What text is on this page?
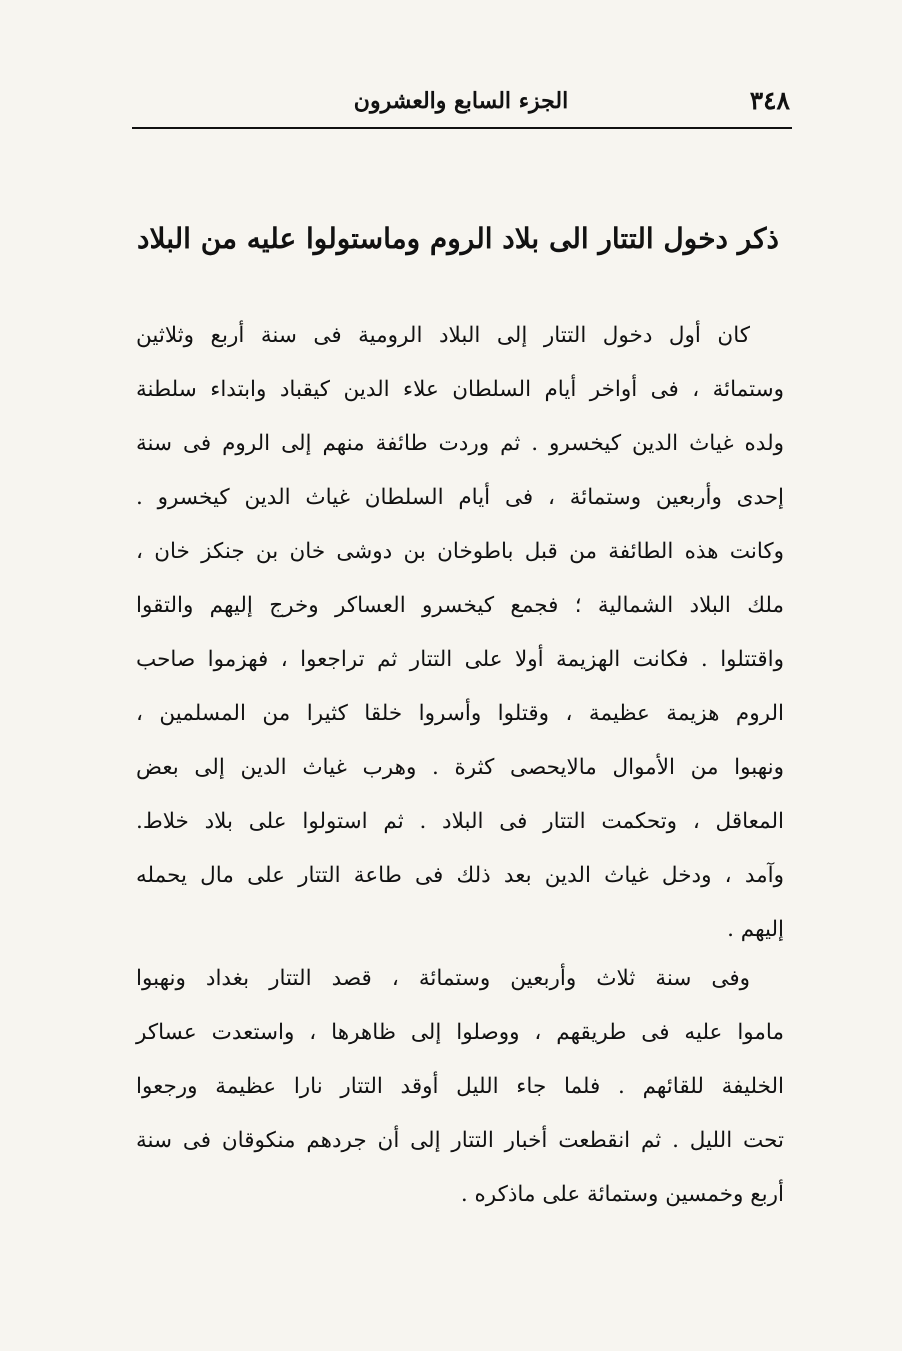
٣٤٨
الجزء السابع والعشرون
ذكر دخول التتار الى بلاد الروم وماستولوا عليه من البلاد
كان أول دخول التتار إلى البلاد الرومية فى سنة أربع وثلاثين
وستمائة ، فى أواخر أيام السلطان علاء الدين كيقباد وابتداء سلطنة
ولده غياث الدين كيخسرو . ثم وردت طائفة منهم إلى الروم فى سنة
إحدى وأربعين وستمائة ، فى أيام السلطان غياث الدين كيخسرو .
وكانت هذه الطائفة من قبل باطوخان بن دوشى خان بن جنكز خان ،
ملك البلاد الشمالية ؛ فجمع كيخسرو العساكر وخرج إليهم والتقوا
واقتتلوا . فكانت الهزيمة أولا على التتار ثم تراجعوا ، فهزموا صاحب
الروم هزيمة عظيمة ، وقتلوا وأسروا خلقا كثيرا من المسلمين ،
ونهبوا من الأموال مالايحصى كثرة . وهرب غياث الدين إلى بعض
المعاقل ، وتحكمت التتار فى البلاد . ثم استولوا على بلاد خلاط.
وآمد ، ودخل غياث الدين بعد ذلك فى طاعة التتار على مال يحمله
إليهم .
وفى سنة ثلاث وأربعين وستمائة ، قصد التتار بغداد ونهبوا
ماموا عليه فى طريقهم ، ووصلوا إلى ظاهرها ، واستعدت عساكر
الخليفة للقائهم . فلما جاء الليل أوقد التتار نارا عظيمة ورجعوا
تحت الليل . ثم انقطعت أخبار التتار إلى أن جردهم منكوقان فى سنة
أربع وخمسين وستمائة على ماذكره .
